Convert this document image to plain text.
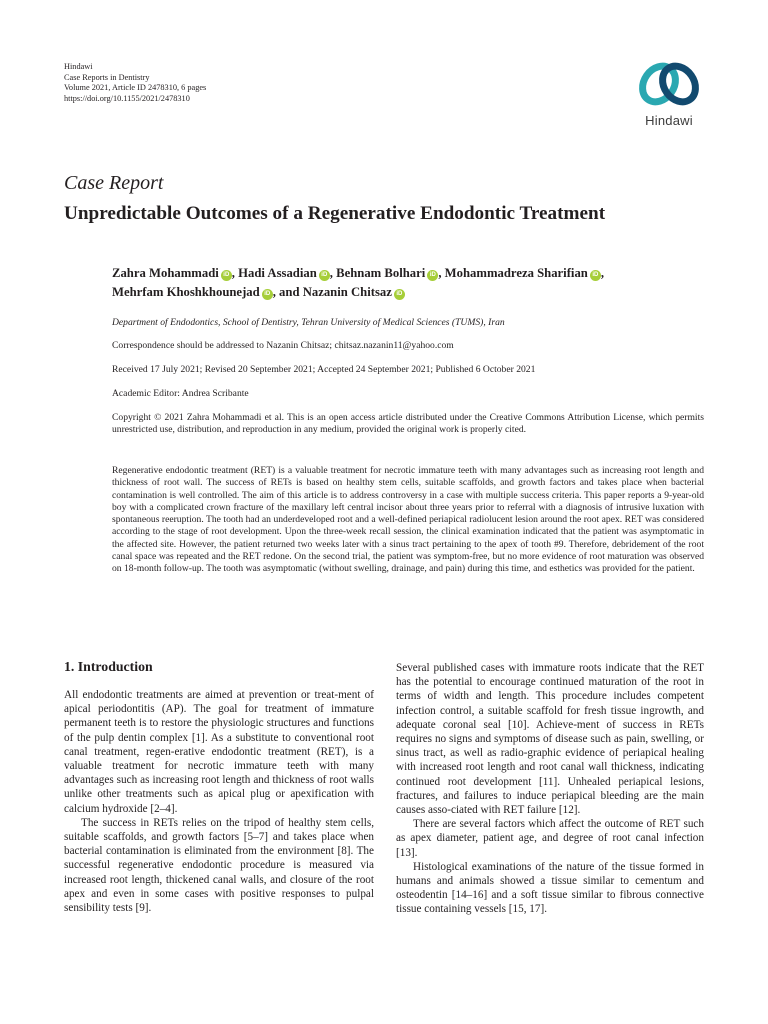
Hindawi
Case Reports in Dentistry
Volume 2021, Article ID 2478310, 6 pages
https://doi.org/10.1155/2021/2478310
Hindawi
Case Report
Unpredictable Outcomes of a Regenerative Endodontic Treatment
Zahra Mohammadi iD , Hadi Assadian iD , Behnam Bolhari iD , Mohammadreza Sharifian iD ,
Mehrfam Khoshkhounejad iD , and Nazanin Chitsaz iD
Department of Endodontics, School of Dentistry, Tehran University of Medical Sciences (TUMS), Iran
Correspondence should be addressed to Nazanin Chitsaz; chitsaz.nazanin11@yahoo.com
Received 17 July 2021; Revised 20 September 2021; Accepted 24 September 2021; Published 6 October 2021
Academic Editor: Andrea Scribante
Copyright © 2021 Zahra Mohammadi et al. This is an open access article distributed under the Creative Commons Attribution License, which permits unrestricted use, distribution, and reproduction in any medium, provided the original work is properly cited.
Regenerative endodontic treatment (RET) is a valuable treatment for necrotic immature teeth with many advantages such as increasing root length and thickness of root wall. The success of RETs is based on healthy stem cells, suitable scaffolds, and growth factors and takes place when bacterial contamination is well controlled. The aim of this article is to address controversy in a case with multiple success criteria. This paper reports a 9-year-old boy with a complicated crown fracture of the maxillary left central incisor about three years prior to referral with a diagnosis of intrusive luxation with spontaneous reeruption. The tooth had an underdeveloped root and a well-defined periapical radiolucent lesion around the root apex. RET was considered according to the stage of root development. Upon the three-week recall session, the clinical examination indicated that the patient was asymptomatic in the affected site. However, the patient returned two weeks later with a sinus tract pertaining to the apex of tooth #9. Therefore, debridement of the root canal space was repeated and the RET redone. On the second trial, the patient was symptom-free, but no more evidence of root maturation was observed on 18-month follow-up. The tooth was asymptomatic (without swelling, drainage, and pain) during this time, and esthetics was provided for the patient.
1. Introduction

All endodontic treatments are aimed at prevention or treat-ment of apical periodontitis (AP). The goal for treatment of immature permanent teeth is to restore the physiologic structures and functions of the pulp dentin complex [1]. As a substitute to conventional root canal treatment, regen-erative endodontic treatment (RET), is a valuable treatment for necrotic immature teeth with many advantages such as increasing root length and thickness of root walls unlike other treatments such as apical plug or apexification with calcium hydroxide [2–4].

The success in RETs relies on the tripod of healthy stem cells, suitable scaffolds, and growth factors [5–7] and takes place when bacterial contamination is eliminated from the environment [8]. The successful regenerative endodontic procedure is measured via increased root length, thickened canal walls, and closure of the root apex and even in some cases with positive responses to pulpal sensibility tests [9].

Several published cases with immature roots indicate that the RET has the potential to encourage continued maturation of the root in terms of width and length. This procedure includes competent infection control, a suitable scaffold for fresh tissue ingrowth, and adequate coronal seal [10]. Achieve-ment of success in RETs requires no signs and symptoms of disease such as pain, swelling, or sinus tract, as well as radio-graphic evidence of periapical healing with increased root length and root canal wall thickness, indicating continued root development [11]. Unhealed periapical lesions, fractures, and failures to induce periapical bleeding are the main causes asso-ciated with RET failure [12].

There are several factors which affect the outcome of RET such as apex diameter, patient age, and degree of root canal infection [13].

Histological examinations of the nature of the tissue formed in humans and animals showed a tissue similar to cementum and osteodentin [14–16] and a soft tissue similar to fibrous connective tissue containing vessels [15, 17].
